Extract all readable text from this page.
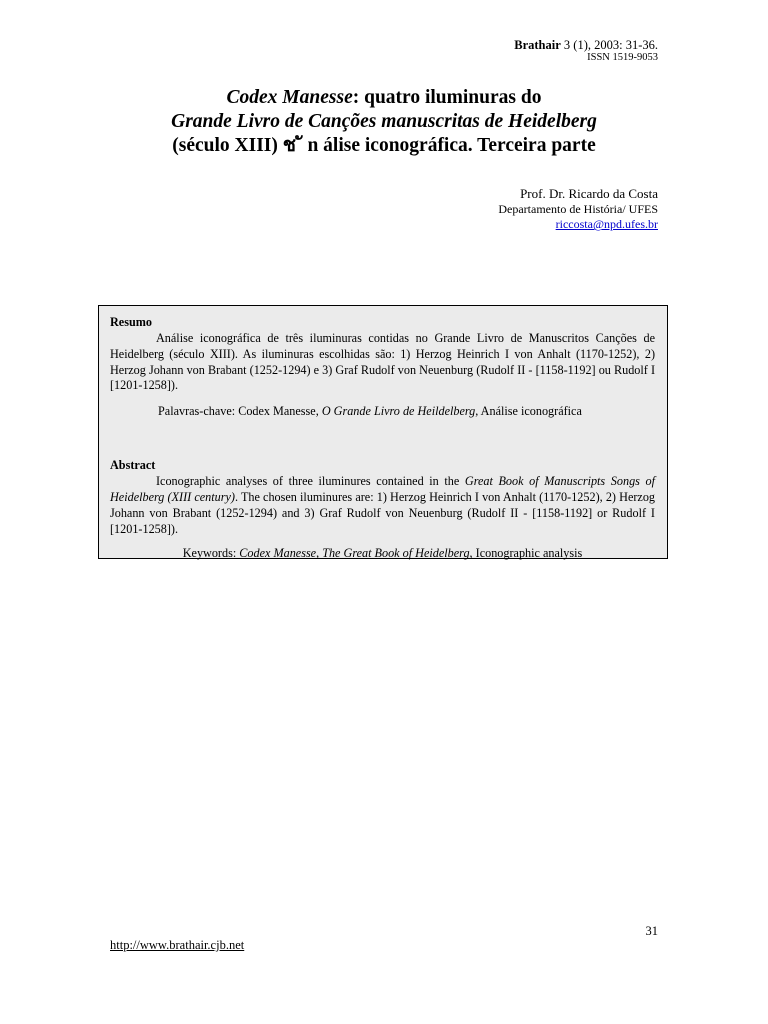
Brathair 3 (1), 2003: 31-36.
ISSN 1519-9053
Codex Manesse: quatro iluminuras do
Grande Livro de Canções manuscritas de Heidelberg
(século XIII) ช ั n álise iconográfica. Terceira parte
Prof. Dr. Ricardo da Costa
Departamento de História/ UFES
riccosta@npd.ufes.br
Resumo
Análise iconográfica de três iluminuras contidas no Grande Livro de Manuscritos Canções de Heidelberg (século XIII). As iluminuras escolhidas são: 1) Herzog Heinrich I von Anhalt (1170-1252), 2) Herzog Johann von Brabant (1252-1294) e 3) Graf Rudolf von Neuenburg (Rudolf II - [1158-1192] ou Rudolf I [1201-1258]).
Palavras-chave: Codex Manesse, O Grande Livro de Heildelberg, Análise iconográfica
Abstract
Iconographic analyses of three iluminures contained in the Great Book of Manuscripts Songs of Heidelberg (XIII century). The chosen iluminures are: 1) Herzog Heinrich I von Anhalt (1170-1252), 2) Herzog Johann von Brabant (1252-1294) and 3) Graf Rudolf von Neuenburg (Rudolf II - [1158-1192] or Rudolf I [1201-1258]).
Keywords: Codex Manesse, The Great Book of Heidelberg, Iconographic analysis
31
http://www.brathair.cjb.net
